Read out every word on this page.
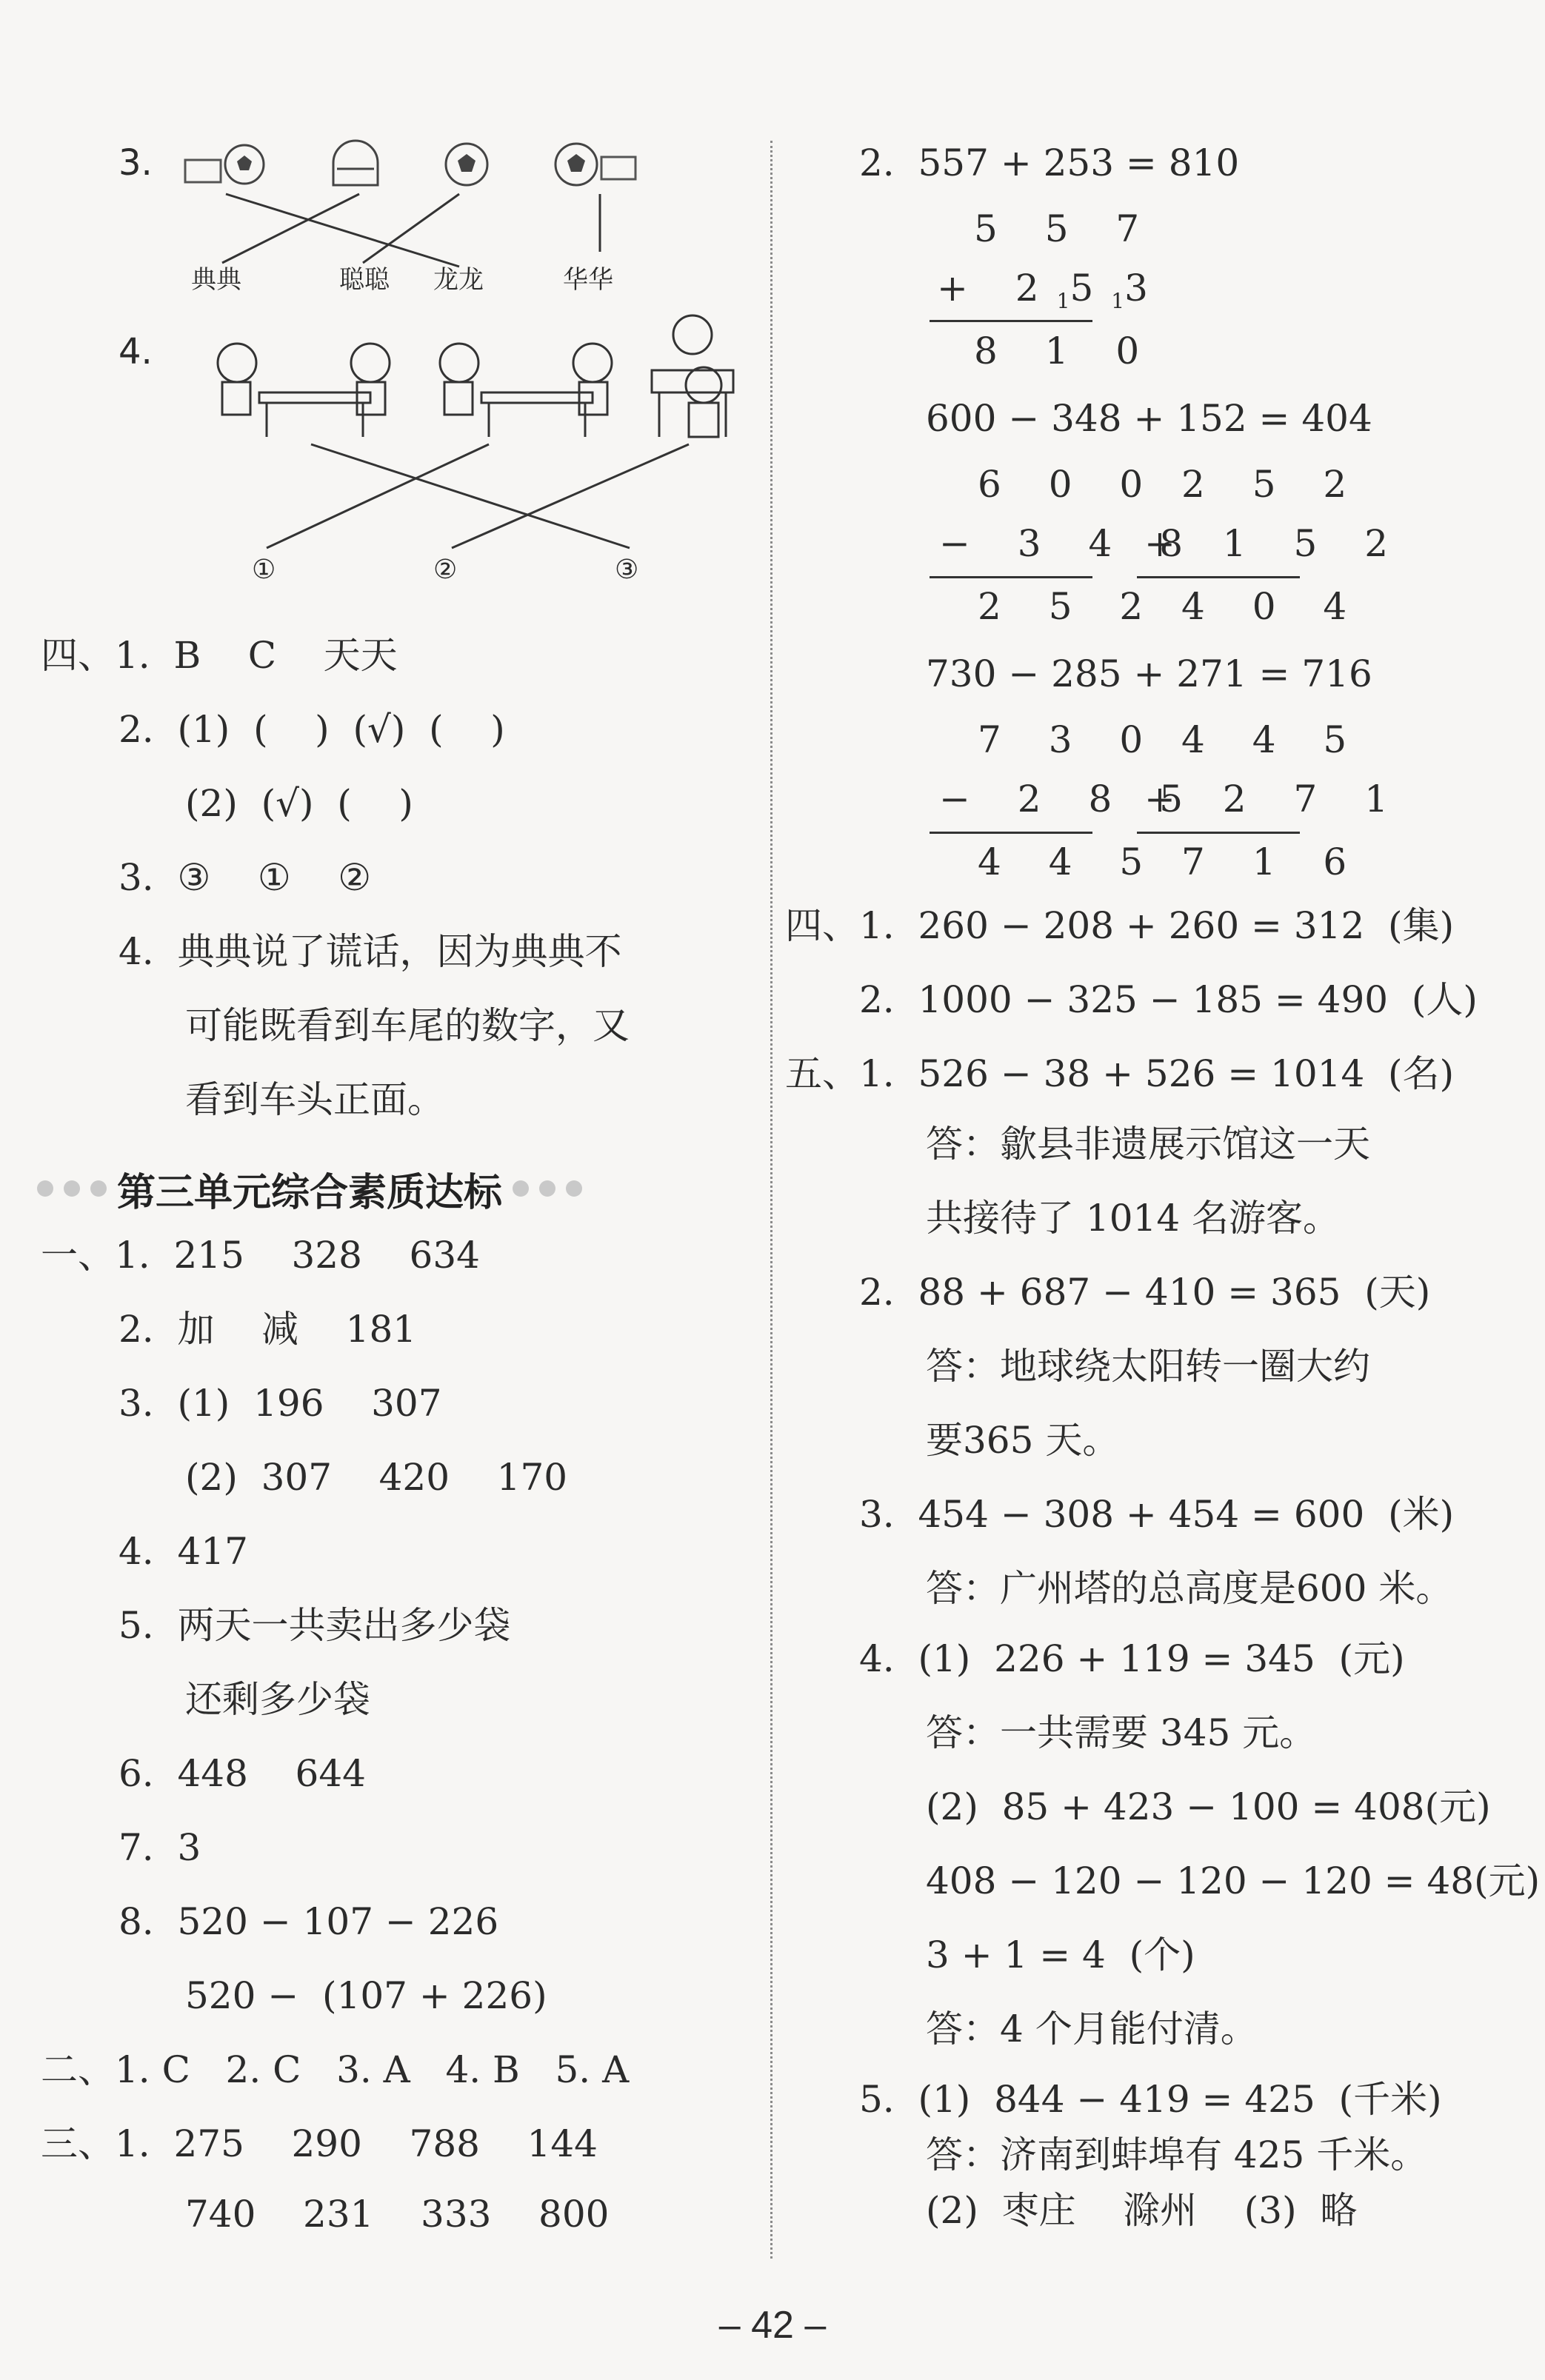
3.
典典	聪聪 龙龙	华华
4.
①	②	③
四、1.  B    C    天天
2.  (1)  (    )  (√)  (    )
(2)  (√)  (    )
3.  ③    ①    ②
4.  典典说了谎话，因为典典不
可能既看到车尾的数字，又
看到车头正面。
第三单元综合素质达标
一、1.  215    328    634
2.  加    减    181
3.  (1)  196    307
(2)  307    420    170
4.  417
5.  两天一共卖出多少袋
还剩多少袋
6.  448    644
7.  3
8.  520 − 107 − 226
520 −  (107 + 226)
二、1. C   2. C   3. A   4. B   5. A
三、1.  275    290    788    144
740    231    333    800
2.  557 + 253 = 810
5 5 7
+ $2_15_13$
8 1 0
600 − 348 + 152 = 404
6 0 0
− 3 4 8
2 5 2
2 5 2
+ 1 5 2
4 0 4
730 − 285 + 271 = 716
7 3 0
− 2 8 5
4 4 5
4 4 5
+ 2 7 1
7 1 6
四、1.  260 − 208 + 260 = 312  (集)
2.  1000 − 325 − 185 = 490  (人)
五、1.  526 − 38 + 526 = 1014  (名)
答：歙县非遗展示馆这一天
共接待了 1014 名游客。
2.  88 + 687 − 410 = 365  (天)
答：地球绕太阳转一圈大约
要365 天。
3.  454 − 308 + 454 = 600  (米)
答：广州塔的总高度是600 米。
4.  (1)  226 + 119 = 345  (元)
答：一共需要 345 元。
(2)  85 + 423 − 100 = 408(元)
408 − 120 − 120 − 120 = 48(元)
3 + 1 = 4  (个)
答：4 个月能付清。
5.  (1)  844 − 419 = 425  (千米)
答：济南到蚌埠有 425 千米。
(2)  枣庄    滁州    (3)  略
– 42 –
